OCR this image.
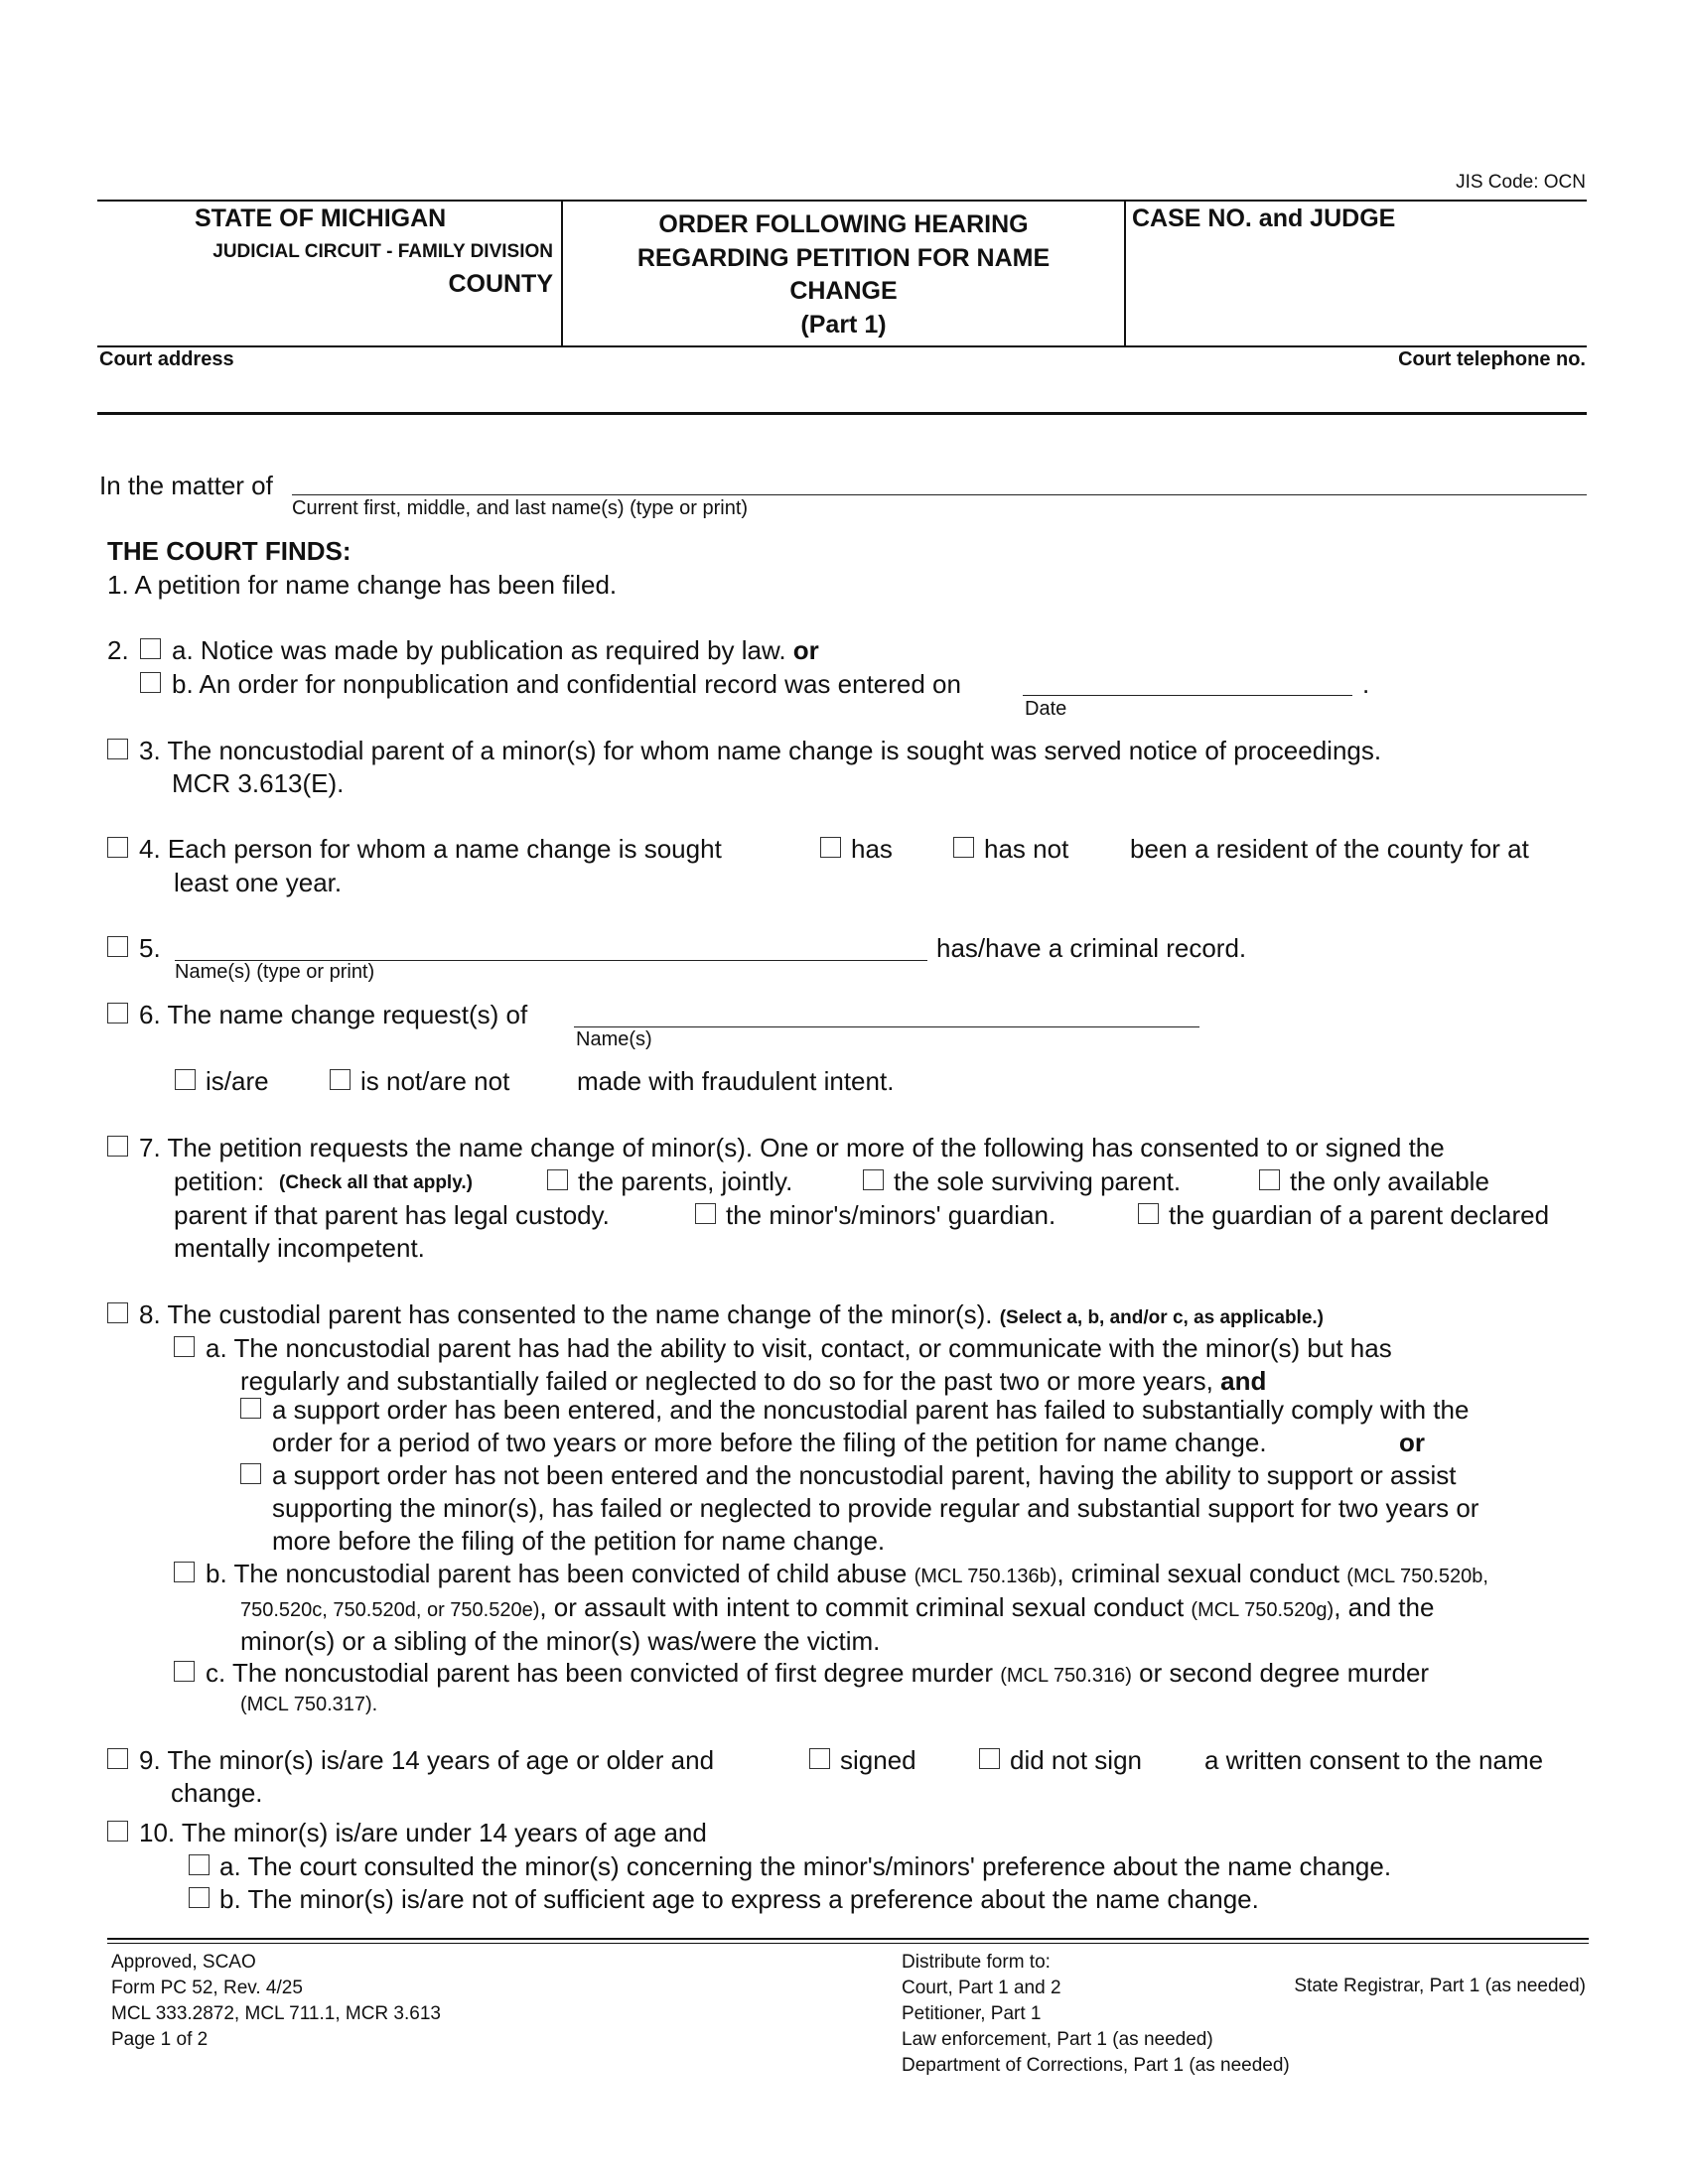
JIS Code: OCN
STATE OF MICHIGAN
JUDICIAL CIRCUIT - FAMILY DIVISION
COUNTY
ORDER FOLLOWING HEARING
REGARDING PETITION FOR NAME
CHANGE
(Part 1)
CASE NO. and JUDGE
Court address	Court telephone no.
In the matter of
Current first, middle, and last name(s) (type or print)
THE COURT FINDS:
1. A petition for name change has been filed.
2. a. Notice was made by publication as required by law. or
b. An order for nonpublication and confidential record was entered on	.
Date
3. The noncustodial parent of a minor(s) for whom name change is sought was served notice of proceedings.
MCR 3.613(E).
4. Each person for whom a name change is sought	has	has not been a resident of the county for at
least one year.
5.	has/have a criminal record.
Name(s) (type or print)
6. The name change request(s) of
Name(s)
is/are	is not/are not	made with fraudulent intent.
7. The petition requests the name change of minor(s). One or more of the following has consented to or signed the
petition: (Check all that apply.)	the parents, jointly.	the sole surviving parent.	the only available
parent if that parent has legal custody.	the minor's/minors' guardian.	the guardian of a parent declared
mentally incompetent.
8. The custodial parent has consented to the name change of the minor(s). (Select a, b, and/or c, as applicable.)
a. The noncustodial parent has had the ability to visit, contact, or communicate with the minor(s) but has
regularly and substantially failed or neglected to do so for the past two or more years, and
a support order has been entered, and the noncustodial parent has failed to substantially comply with the
order for a period of two years or more before the filing of the petition for name change.	or
a support order has not been entered and the noncustodial parent, having the ability to support or assist
supporting the minor(s), has failed or neglected to provide regular and substantial support for two years or
more before the filing of the petition for name change.
b. The noncustodial parent has been convicted of child abuse (MCL 750.136b), criminal sexual conduct (MCL 750.520b,
750.520c, 750.520d, or 750.520e), or assault with intent to commit criminal sexual conduct (MCL 750.520g), and the
minor(s) or a sibling of the minor(s) was/were the victim.
c. The noncustodial parent has been convicted of first degree murder (MCL 750.316) or second degree murder
(MCL 750.317).
9. The minor(s) is/are 14 years of age or older and	signed	did not sign a written consent to the name
change.
10. The minor(s) is/are under 14 years of age and
a. The court consulted the minor(s) concerning the minor's/minors' preference about the name change.
b. The minor(s) is/are not of sufficient age to express a preference about the name change.
Approved, SCAO
Form PC 52, Rev. 4/25
MCL 333.2872, MCL 711.1, MCR 3.613
Page 1 of 2
Distribute form to:
Court, Part 1 and 2
Petitioner, Part 1
Law enforcement, Part 1 (as needed)
Department of Corrections, Part 1 (as needed)
State Registrar, Part 1 (as needed)
